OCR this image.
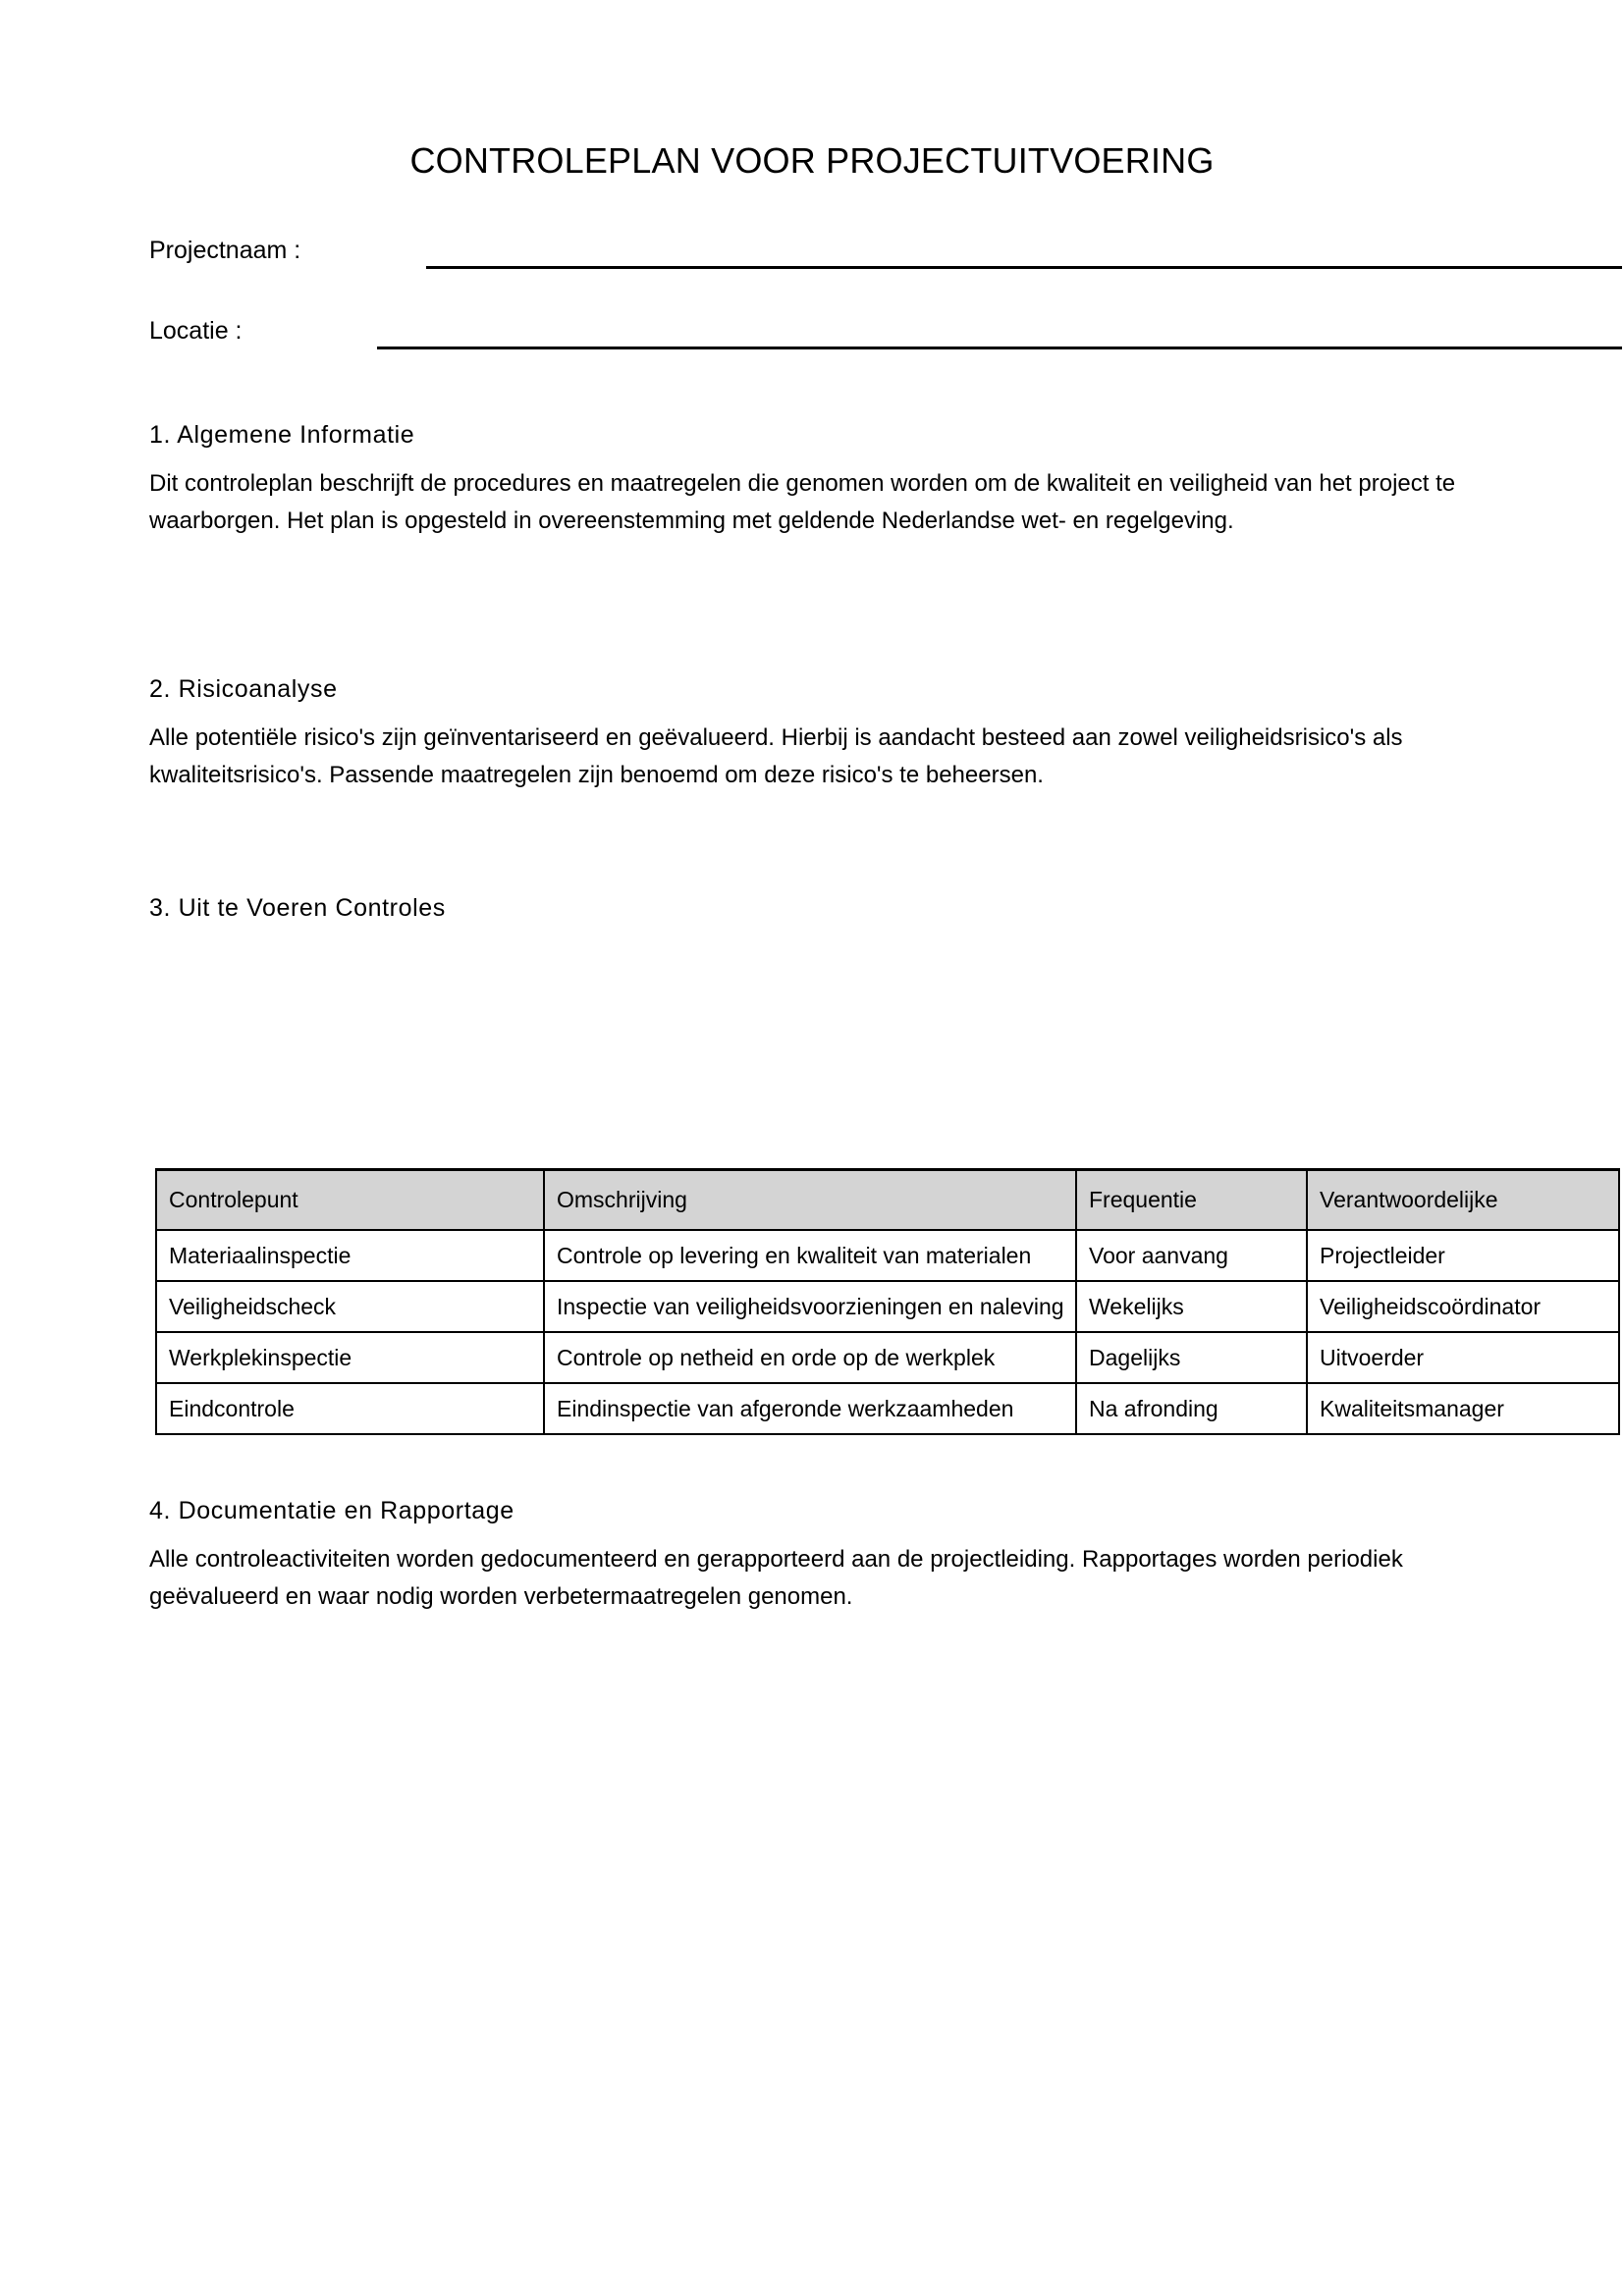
CONTROLEPLAN VOOR PROJECTUITVOERING
Projectnaam :
Locatie :
1. Algemene Informatie

Dit controleplan beschrijft de procedures en maatregelen die genomen worden om de kwaliteit en veiligheid van het project te waarborgen. Het plan is opgesteld in overeenstemming met geldende Nederlandse wet- en regelgeving.

2. Risicoanalyse

Alle potentiële risico's zijn geïnventariseerd en geëvalueerd. Hierbij is aandacht besteed aan zowel veiligheidsrisico's als kwaliteitsrisico's. Passende maatregelen zijn benoemd om deze risico's te beheersen.

3. Uit te Voeren Controles
Controlepunt	Omschrijving	Frequentie	Verantwoordelijke
Materiaalinspectie	Controle op levering en kwaliteit van materialen	Voor aanvang	Projectleider
Veiligheidscheck	Inspectie van veiligheidsvoorzieningen en naleving	Wekelijks	Veiligheidscoördinator
Werkplekinspectie	Controle op netheid en orde op de werkplek	Dagelijks	Uitvoerder
Eindcontrole	Eindinspectie van afgeronde werkzaamheden	Na afronding	Kwaliteitsmanager
4. Documentatie en Rapportage

Alle controleactiviteiten worden gedocumenteerd en gerapporteerd aan de projectleiding. Rapportages worden periodiek geëvalueerd en waar nodig worden verbetermaatregelen genomen.
